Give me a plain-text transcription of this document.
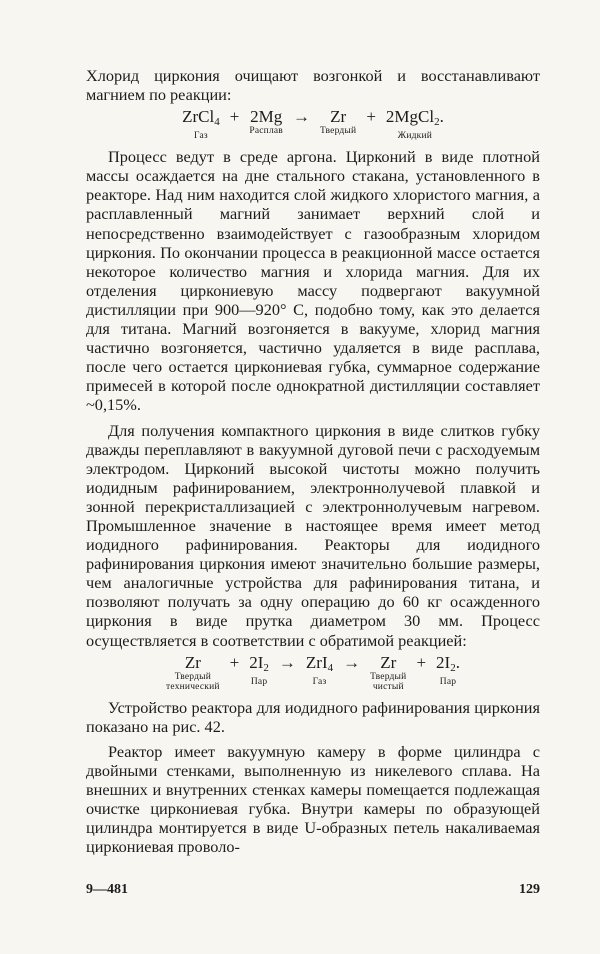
Хлорид циркония очищают возгонкой и восстанавливают магнием по реакции:

ZrCl$_4$
Газ
+ 2Mg
Расплав
→ Zr
Твердый
+ 2MgCl$_2$.
Жидкий

Процесс ведут в среде аргона. Цирконий в виде плотной массы осаждается на дне стального стакана, установленного в реакторе. Над ним находится слой жидкого хлористого магния, а расплавленный магний занимает верхний слой и непосредственно взаимодействует с газообразным хлоридом циркония. По окончании процесса в реакционной массе остается некоторое количество магния и хлорида магния. Для их отделения циркониевую массу подвергают вакуумной дистилляции при 900—920° С, подобно тому, как это делается для титана. Магний возгоняется в вакууме, хлорид магния частично возгоняется, частично удаляется в виде расплава, после чего остается циркониевая губка, суммарное содержание примесей в которой после однократной дистилляции составляет ~0,15%.

Для получения компактного циркония в виде слитков губку дважды переплавляют в вакуумной дуговой печи с расходуемым электродом. Цирконий высокой чистоты можно получить иодидным рафинированием, электроннолучевой плавкой и зонной перекристаллизацией с электроннолучевым нагревом. Промышленное значение в настоящее время имеет метод иодидного рафинирования. Реакторы для иодидного рафинирования циркония имеют значительно большие размеры, чем аналогичные устройства для рафинирования титана, и позволяют получать за одну операцию до 60 кг осажденного циркония в виде прутка диаметром 30 мм. Процесс осуществляется в соответствии с обратимой реакцией:

Zr
Твердый
технический
+ $2I_2$
Пар
→ ZrI$_4$
Газ
→ Zr
Твердый
чистый
+ $2I_2$.
Пар

Устройство реактора для иодидного рафинирования циркония показано на рис. 42.

Реактор имеет вакуумную камеру в форме цилиндра с двойными стенками, выполненную из никелевого сплава. На внешних и внутренних стенках камеры помещается подлежащая очистке циркониевая губка. Внутри камеры по образующей цилиндра монтируется в виде U-образных петель накаливаемая циркониевая проволо-

9—481	129
